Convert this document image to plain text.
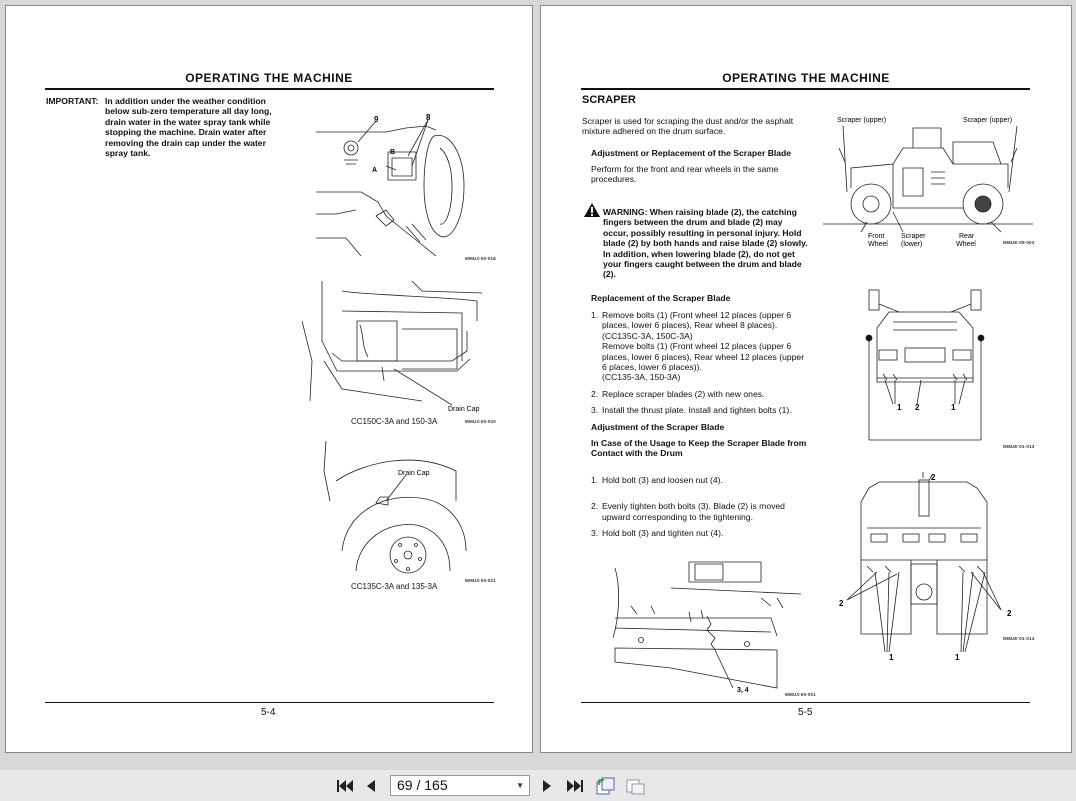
OPERATING THE MACHINE
IMPORTANT: In addition under the weather condition
below sub-zero temperature all day long,
drain water in the water spray tank while
stopping the machine. Drain water after
removing the drain cap under the water
spray tank.
9	8
B
A
MMU3-05-016
Drain Cap
CC150C-3A and 150-3A	MMU3-05-020
Drain Cap
CC135C-3A and 135-3A
MMU3-05-021
5-4
OPERATING THE MACHINE
SCRAPER
Scraper is used for scraping the dust and/or the asphalt
mixture adhered on the drum surface.
Adjustment or Replacement of the Scraper Blade
Perform for the front and rear wheels in the same
procedures.
WARNING: When raising blade (2), the catching
fingers between the drum and blade (2) may
occur, possibly resulting in personal injury. Hold
blade (2) by both hands and raise blade (2) slowly.
In addition, when lowering blade (2), do not get
your fingers caught between the drum and blade
(2).
Replacement of the Scraper Blade
1. Remove bolts (1) (Front wheel 12 places (upper 6
places, lower 6 places), Rear wheel 8 places).
(CC135C-3A, 150C-3A)
Remove bolts (1) (Front wheel 12 places (upper 6
places, lower 6 places), Rear wheel 12 places (upper
6 places, lower 6 places)).
(CC135-3A, 150-3A)
2. Replace scraper blades (2) with new ones.
3. Install the thrust plate. Install and tighten bolts (1).
Adjustment of the Scraper Blade
In Case of the Usage to Keep the Scraper Blade from
Contact with the Drum
1. Hold bolt (3) and loosen nut (4).
2. Evenly tighten both bolts (3). Blade (2) is moved
upward corresponding to the tightening.
3. Hold bolt (3) and tighten nut (4).
Scraper (upper)	Scraper (upper)
Front
Wheel
Scraper
(lower)
Rear
Wheel	MMUE-05-003
1 2	1
MMUE-01-013
2
2
2
1	1
MMUE-01-014
3, 4
MMU3-05-001
5-5
69 / 165	▼
